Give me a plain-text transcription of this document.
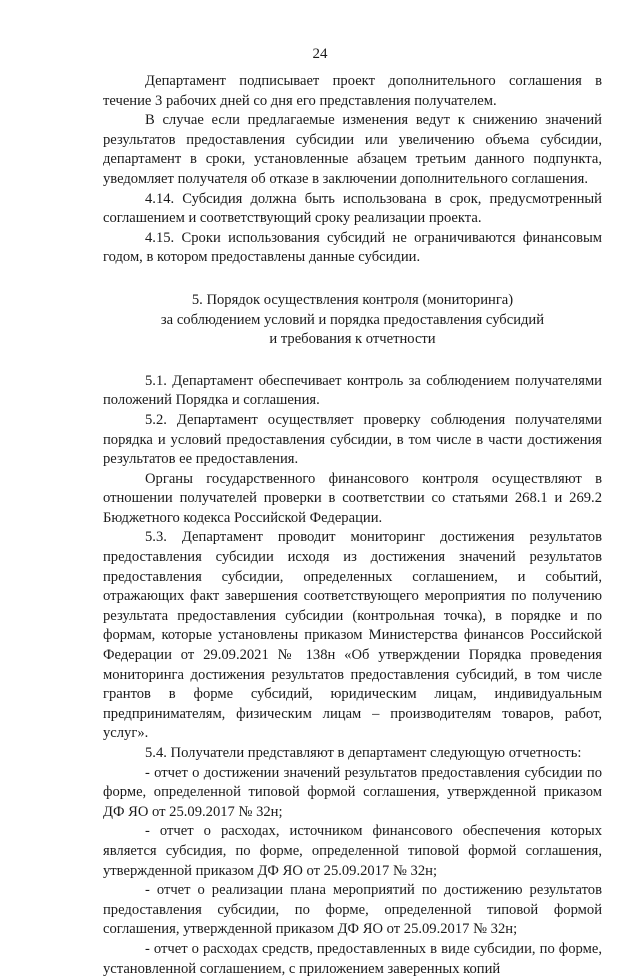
24

Департамент подписывает проект дополнительного соглашения в течение 3 рабочих дней со дня его представления получателем.

В случае если предлагаемые изменения ведут к снижению значений результатов предоставления субсидии или увеличению объема субсидии, департамент в сроки, установленные абзацем третьим данного подпункта, уведомляет получателя об отказе в заключении дополнительного соглашения.

4.14. Субсидия должна быть использована в срок, предусмотренный соглашением и соответствующий сроку реализации проекта.

4.15. Сроки использования субсидий не ограничиваются финансовым годом, в котором предоставлены данные субсидии.

5. Порядок осуществления контроля (мониторинга)
за соблюдением условий и порядка предоставления субсидий
и требования к отчетности

5.1. Департамент обеспечивает контроль за соблюдением получателями положений Порядка и соглашения.

5.2. Департамент осуществляет проверку соблюдения получателями порядка и условий предоставления субсидии, в том числе в части достижения результатов ее предоставления.

Органы государственного финансового контроля осуществляют в отношении получателей проверки в соответствии со статьями 268.1 и 269.2 Бюджетного кодекса Российской Федерации.

5.3. Департамент проводит мониторинг достижения результатов предоставления субсидии исходя из достижения значений результатов предоставления субсидии, определенных соглашением, и событий, отражающих факт завершения соответствующего мероприятия по получению результата предоставления субсидии (контрольная точка), в порядке и по формам, которые установлены приказом Министерства финансов Российской Федерации от 29.09.2021 № 138н «Об утверждении Порядка проведения мониторинга достижения результатов предоставления субсидий, в том числе грантов в форме субсидий, юридическим лицам, индивидуальным предпринимателям, физическим лицам – производителям товаров, работ, услуг».

5.4. Получатели представляют в департамент следующую отчетность:

- отчет о достижении значений результатов предоставления субсидии по форме, определенной типовой формой соглашения, утвержденной приказом ДФ ЯО от 25.09.2017 № 32н;

- отчет о расходах, источником финансового обеспечения которых является субсидия, по форме, определенной типовой формой соглашения, утвержденной приказом ДФ ЯО от 25.09.2017 № 32н;

- отчет о реализации плана мероприятий по достижению результатов предоставления субсидии, по форме, определенной типовой формой соглашения, утвержденной приказом ДФ ЯО от 25.09.2017 № 32н;

- отчет о расходах средств, предоставленных в виде субсидии, по форме, установленной соглашением, с приложением заверенных копий
